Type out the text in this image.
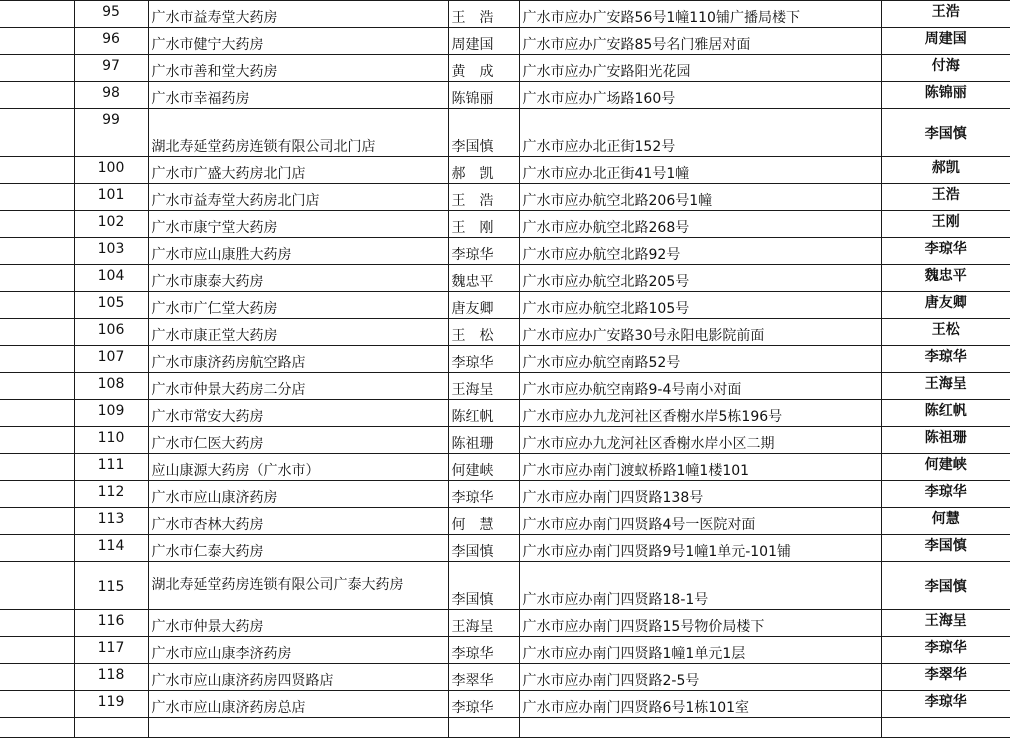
	95	广水市益寿堂大药房	王　浩	广水市应办广安路56号1幢110铺广播局楼下	王浩
	96	广水市健宁大药房	周建国	广水市应办广安路85号名门雅居对面	周建国
	97	广水市善和堂大药房	黄　成	广水市应办广安路阳光花园	付海
	98	广水市幸福药房	陈锦丽	广水市应办广场路160号	陈锦丽
	99	湖北寿延堂药房连锁有限公司北门店	李国慎	广水市应办北正街152号	李国慎
	100	广水市广盛大药房北门店	郝　凯	广水市应办北正街41号1幢	郝凯
	101	广水市益寿堂大药房北门店	王　浩	广水市应办航空北路206号1幢	王浩
	102	广水市康宁堂大药房	王　刚	广水市应办航空北路268号	王刚
	103	广水市应山康胜大药房	李琼华	广水市应办航空北路92号	李琼华
	104	广水市康泰大药房	魏忠平	广水市应办航空北路205号	魏忠平
	105	广水市广仁堂大药房	唐友卿	广水市应办航空北路105号	唐友卿
	106	广水市康正堂大药房	王　松	广水市应办广安路30号永阳电影院前面	王松
	107	广水市康济药房航空路店	李琼华	广水市应办航空南路52号	李琼华
	108	广水市仲景大药房二分店	王海呈	广水市应办航空南路9-4号南小对面	王海呈
	109	广水市常安大药房	陈红帆	广水市应办九龙河社区香榭水岸5栋196号	陈红帆
	110	广水市仁医大药房	陈祖珊	广水市应办九龙河社区香榭水岸小区二期	陈祖珊
	111	应山康源大药房（广水市）	何建峡	广水市应办南门渡蚁桥路1幢1楼101	何建峡
	112	广水市应山康济药房	李琼华	广水市应办南门四贤路138号	李琼华
	113	广水市杏林大药房	何　慧	广水市应办南门四贤路4号一医院对面	何慧
	114	广水市仁泰大药房	李国慎	广水市应办南门四贤路9号1幢1单元-101铺	李国慎
	115	湖北寿延堂药房连锁有限公司广泰大药房	李国慎	广水市应办南门四贤路18-1号	李国慎
	116	广水市仲景大药房	王海呈	广水市应办南门四贤路15号物价局楼下	王海呈
	117	广水市应山康李济药房	李琼华	广水市应办南门四贤路1幢1单元1层	李琼华
	118	广水市应山康济药房四贤路店	李翠华	广水市应办南门四贤路2-5号	李翠华
	119	广水市应山康济药房总店	李琼华	广水市应办南门四贤路6号1栋101室	李琼华
